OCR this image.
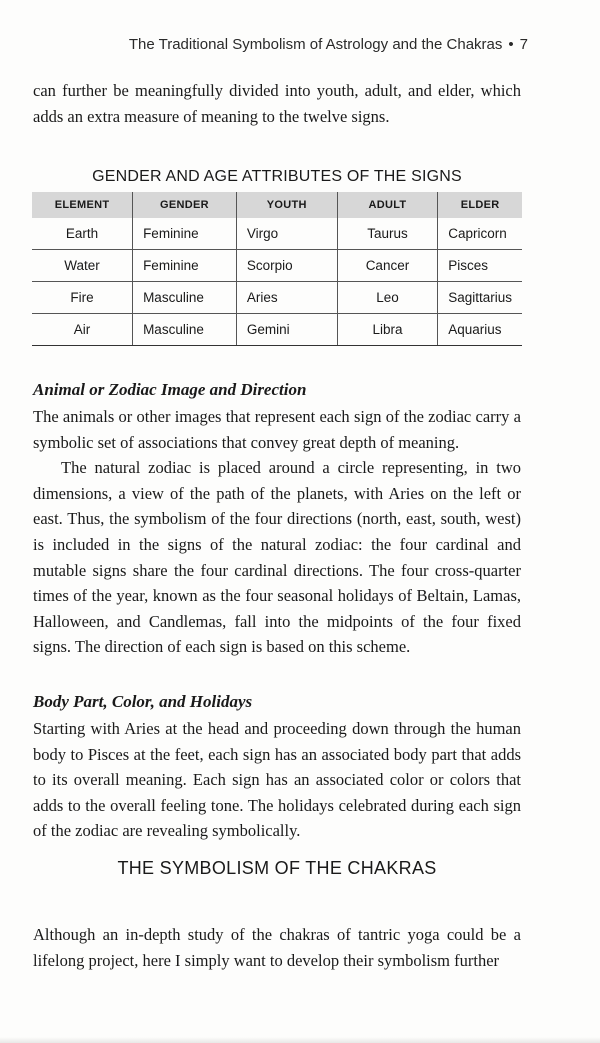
The Traditional Symbolism of Astrology and the Chakras • 7

can further be meaningfully divided into youth, adult, and elder, which adds an extra measure of meaning to the twelve signs.

GENDER AND AGE ATTRIBUTES OF THE SIGNS
ELEMENT	GENDER	YOUTH	ADULT	ELDER
Earth	Feminine	Virgo	Taurus	Capricorn
Water	Feminine	Scorpio	Cancer	Pisces
Fire	Masculine	Aries	Leo	Sagittarius
Air	Masculine	Gemini	Libra	Aquarius
Animal or Zodiac Image and Direction

The animals or other images that represent each sign of the zodiac carry a symbolic set of associations that convey great depth of meaning.

The natural zodiac is placed around a circle representing, in two dimensions, a view of the path of the planets, with Aries on the left or east. Thus, the symbolism of the four directions (north, east, south, west) is included in the signs of the natural zodiac: the four cardinal and mutable signs share the four cardinal directions. The four cross-quarter times of the year, known as the four seasonal holidays of Beltain, Lamas, Halloween, and Candlemas, fall into the midpoints of the four fixed signs. The direction of each sign is based on this scheme.

Body Part, Color, and Holidays

Starting with Aries at the head and proceeding down through the human body to Pisces at the feet, each sign has an associated body part that adds to its overall meaning. Each sign has an associated color or colors that adds to the overall feeling tone. The holidays celebrated during each sign of the zodiac are revealing symbolically.

THE SYMBOLISM OF THE CHAKRAS

Although an in-depth study of the chakras of tantric yoga could be a lifelong project, here I simply want to develop their symbolism further
